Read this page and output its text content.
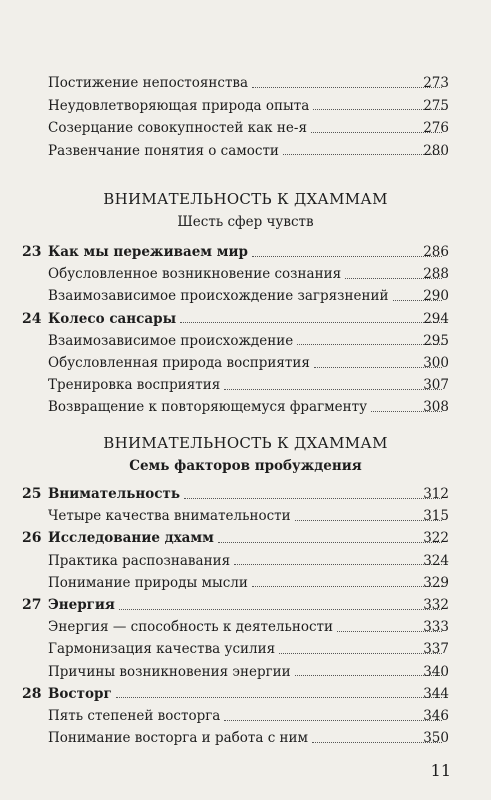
Постижение непостоянства	273
Неудовлетворяющая природа опыта	275
Созерцание совокупностей как не-я	276
Развенчание понятия о самости	280
23 Как мы переживаем мир	286
Обусловленное возникновение сознания	288
Взаимозависимое происхождение загрязнений	290
24 Колесо сансары	294
Взаимозависимое происхождение	295
Обусловленная природа восприятия	300
Тренировка восприятия	307
Возвращение к повторяющемуся фрагменту	308
25 Внимательность	312
Четыре качества внимательности	315
26 Исследование дхамм	322
Практика распознавания	324
Понимание природы мысли	329
27 Энергия	332
Энергия — способность к деятельности	333
Гармонизация качества усилия	337
Причины возникновения энергии	340
28 Восторг	344
Пять степеней восторга	346
Понимание восторга и работа с ним	350
ВНИМАТЕЛЬНОСТЬ К ДХАММАМ
Шесть сфер чувств
ВНИМАТЕЛЬНОСТЬ К ДХАММАМ
Семь факторов пробуждения
11
